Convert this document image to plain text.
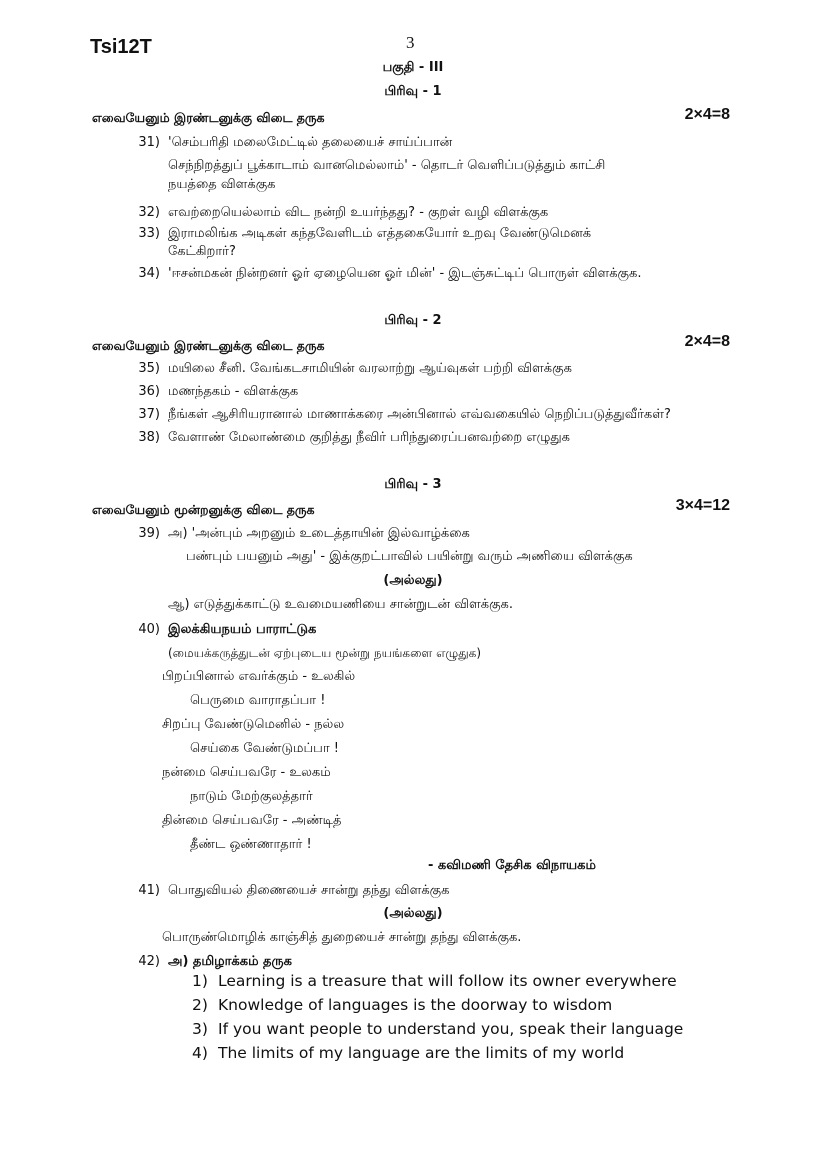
Tsi12T	3
பகுதி - III
பிரிவு - 1
எவையேனும் இரண்டனுக்கு விடை தருக	2×4=8
31) 'செம்பரிதி மலைமேட்டில் தலையைச் சாய்ப்பான்
செந்நிறத்துப் பூக்காடாம் வானமெல்லாம்' - தொடர் வெளிப்படுத்தும் காட்சி
நயத்தை விளக்குக
32) எவற்றையெல்லாம் விட நன்றி உயர்ந்தது? - குறள் வழி விளக்குக
33) இராமலிங்க அடிகள் கந்தவேளிடம் எத்தகையோர் உறவு வேண்டுமெனக்
கேட்கிறார்?
34) 'ஈசன்மகன் நின்றனர் ஓர் ஏழையென ஓர் மின்' - இடஞ்சுட்டிப் பொருள் விளக்குக.
பிரிவு - 2
எவையேனும் இரண்டனுக்கு விடை தருக	2×4=8
35) மயிலை சீனி. வேங்கடசாமியின் வரலாற்று ஆய்வுகள் பற்றி விளக்குக
36) மணந்தகம் - விளக்குக
37) நீங்கள் ஆசிரியரானால் மாணாக்கரை அன்பினால் எவ்வகையில் நெறிப்படுத்துவீர்கள்?
38) வேளாண் மேலாண்மை குறித்து நீவிர் பரிந்துரைப்பனவற்றை எழுதுக
பிரிவு - 3
எவையேனும் மூன்றனுக்கு விடை தருக	3×4=12
39) அ) 'அன்பும் அறனும் உடைத்தாயின் இல்வாழ்க்கை
பண்பும் பயனும் அது' - இக்குறட்பாவில் பயின்று வரும் அணியை விளக்குக
(அல்லது)
ஆ) எடுத்துக்காட்டு உவமையணியை சான்றுடன் விளக்குக.
40) இலக்கியநயம் பாராட்டுக
(மையக்கருத்துடன் ஏற்புடைய மூன்று நயங்களை எழுதுக)
பிறப்பினால் எவர்க்கும் - உலகில்
பெருமை வாராதப்பா !
சிறப்பு வேண்டுமெனில் - நல்ல
செய்கை வேண்டுமப்பா !
நன்மை செய்பவரே - உலகம்
நாடும் மேற்குலத்தார்
தின்மை செய்பவரே - அண்டித்
தீண்ட ஒண்ணாதார் !
- கவிமணி தேசிக விநாயகம்
41) பொதுவியல் திணையைச் சான்று தந்து விளக்குக
(அல்லது)
பொருண்மொழிக் காஞ்சித் துறையைச் சான்று தந்து விளக்குக.
42) அ) தமிழாக்கம் தருக
1) Learning is a treasure that will follow its owner everywhere
2) Knowledge of languages is the doorway to wisdom
3) If you want people to understand you, speak their language
4) The limits of my language are the limits of my world
